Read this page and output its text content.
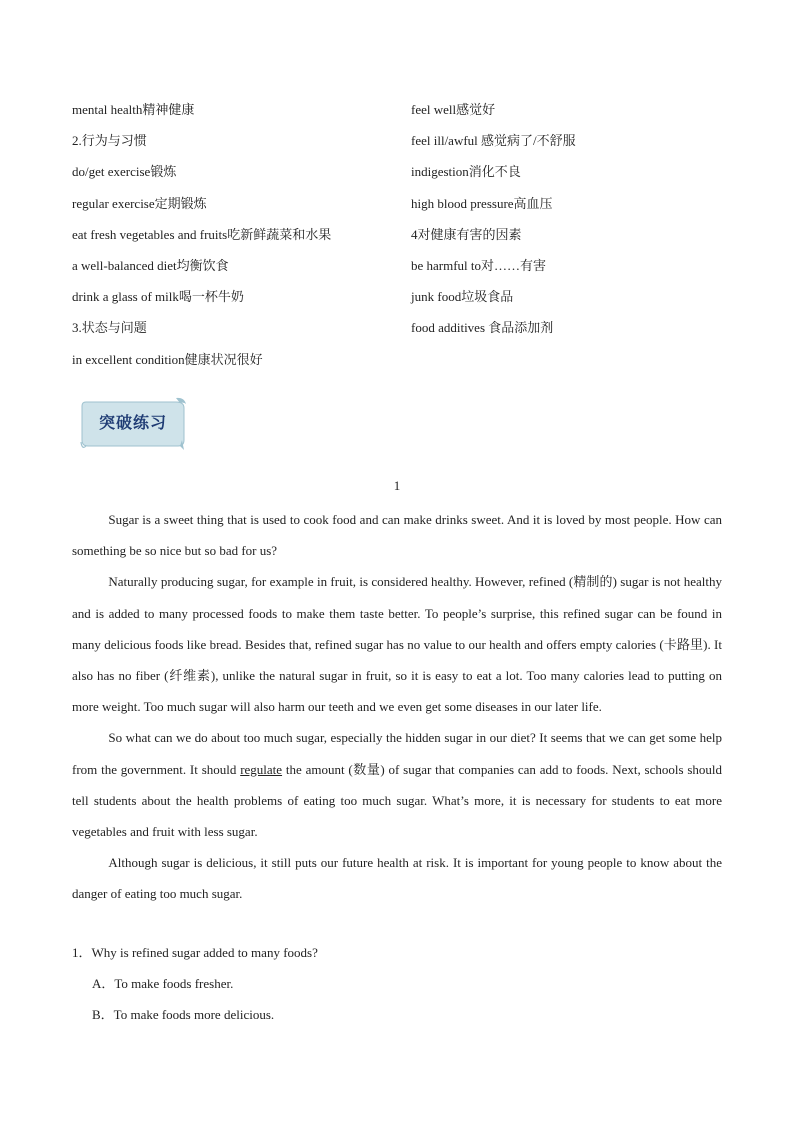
mental health精神健康
2.行为与习惯
do/get exercise锻炼
regular exercise定期锻炼
eat fresh vegetables and fruits吃新鲜蔬菜和水果
a well-balanced diet均衡饮食
drink a glass of milk喝一杯牛奶
3.状态与问题
in excellent condition健康状况很好
feel well感觉好
feel ill/awful 感觉病了/不舒服
indigestion消化不良
high blood pressure高血压
4对健康有害的因素
be harmful to对……有害
junk food垃圾食品
food additives 食品添加剂
突破练习
1

Sugar is a sweet thing that is used to cook food and can make drinks sweet. And it is loved by most people. How can something be so nice but so bad for us?

Naturally producing sugar, for example in fruit, is considered healthy. However, refined (精制的) sugar is not healthy and is added to many processed foods to make them taste better. To people’s surprise, this refined sugar can be found in many delicious foods like bread. Besides that, refined sugar has no value to our health and offers empty calories (卡路里). It also has no fiber (纤维素), unlike the natural sugar in fruit, so it is easy to eat a lot. Too many calories lead to putting on more weight. Too much sugar will also harm our teeth and we even get some diseases in our later life.

So what can we do about too much sugar, especially the hidden sugar in our diet? It seems that we can get some help from the government. It should regulate the amount (数量) of sugar that companies can add to foods. Next, schools should tell students about the health problems of eating too much sugar. What’s more, it is necessary for students to eat more vegetables and fruit with less sugar.

Although sugar is delicious, it still puts our future health at risk. It is important for young people to know about the danger of eating too much sugar.

1．Why is refined sugar added to many foods?
A．To make foods fresher.
B．To make foods more delicious.
